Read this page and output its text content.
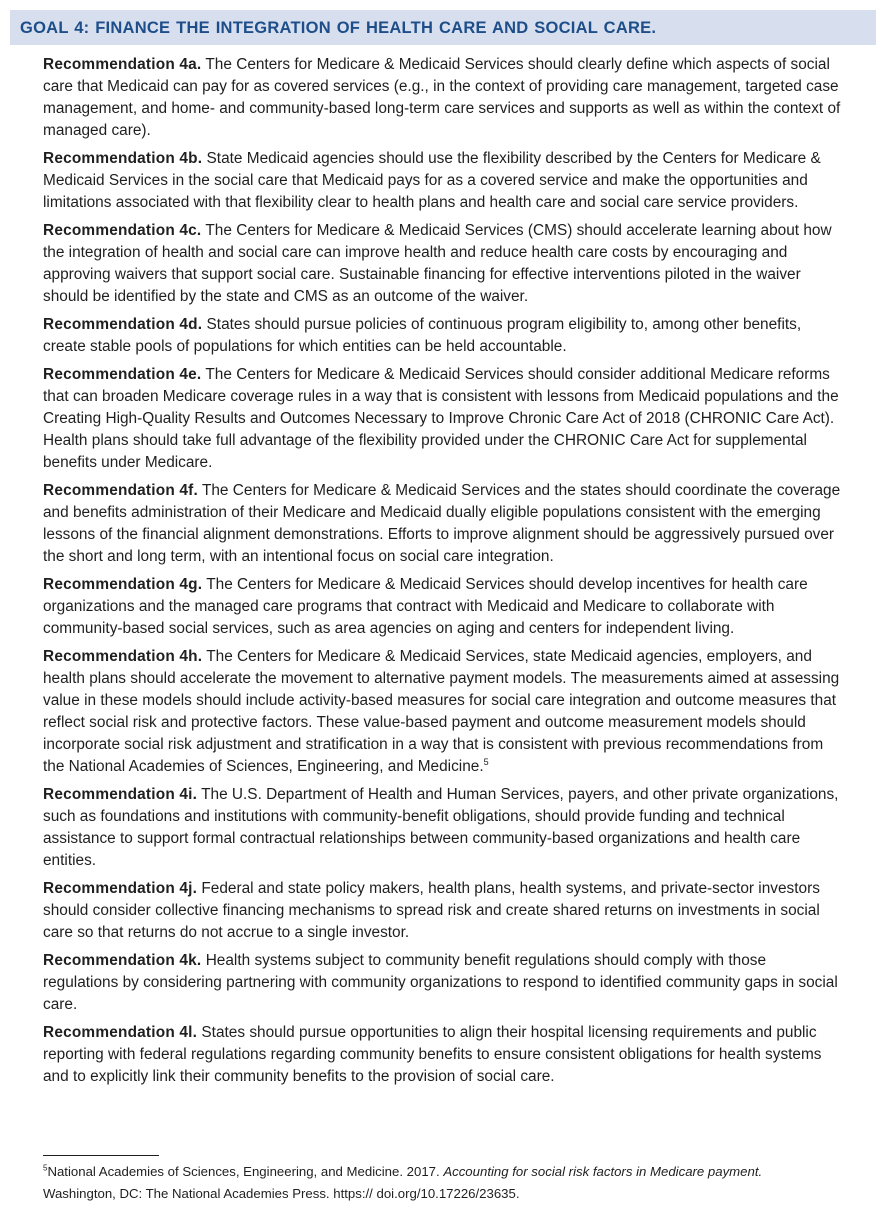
GOAL 4: FINANCE THE INTEGRATION OF HEALTH CARE AND SOCIAL CARE.

Recommendation 4a. The Centers for Medicare & Medicaid Services should clearly define which aspects of social care that Medicaid can pay for as covered services (e.g., in the context of providing care management, targeted case management, and home- and community-based long-term care services and supports as well as within the context of managed care).

Recommendation 4b. State Medicaid agencies should use the flexibility described by the Centers for Medicare & Medicaid Services in the social care that Medicaid pays for as a covered service and make the opportunities and limitations associated with that flexibility clear to health plans and health care and social care service providers.

Recommendation 4c. The Centers for Medicare & Medicaid Services (CMS) should accelerate learning about how the integration of health and social care can improve health and reduce health care costs by encouraging and approving waivers that support social care. Sustainable financing for effective interventions piloted in the waiver should be identified by the state and CMS as an outcome of the waiver.

Recommendation 4d. States should pursue policies of continuous program eligibility to, among other benefits, create stable pools of populations for which entities can be held accountable.

Recommendation 4e. The Centers for Medicare & Medicaid Services should consider additional Medicare reforms that can broaden Medicare coverage rules in a way that is consistent with lessons from Medicaid populations and the Creating High-Quality Results and Outcomes Necessary to Improve Chronic Care Act of 2018 (CHRONIC Care Act). Health plans should take full advantage of the flexibility provided under the CHRONIC Care Act for supplemental benefits under Medicare.

Recommendation 4f. The Centers for Medicare & Medicaid Services and the states should coordinate the coverage and benefits administration of their Medicare and Medicaid dually eligible populations consistent with the emerging lessons of the financial alignment demonstrations. Efforts to improve alignment should be aggressively pursued over the short and long term, with an intentional focus on social care integration.

Recommendation 4g. The Centers for Medicare & Medicaid Services should develop incentives for health care organizations and the managed care programs that contract with Medicaid and Medicare to collaborate with community-based social services, such as area agencies on aging and centers for independent living.

Recommendation 4h. The Centers for Medicare & Medicaid Services, state Medicaid agencies, employers, and health plans should accelerate the movement to alternative payment models. The measurements aimed at assessing value in these models should include activity-based measures for social care integration and outcome measures that reflect social risk and protective factors. These value-based payment and outcome measurement models should incorporate social risk adjustment and stratification in a way that is consistent with previous recommendations from the National Academies of Sciences, Engineering, and Medicine.$^5$

Recommendation 4i. The U.S. Department of Health and Human Services, payers, and other private organizations, such as foundations and institutions with community-benefit obligations, should provide funding and technical assistance to support formal contractual relationships between community-based organizations and health care entities.

Recommendation 4j. Federal and state policy makers, health plans, health systems, and private-sector investors should consider collective financing mechanisms to spread risk and create shared returns on investments in social care so that returns do not accrue to a single investor.

Recommendation 4k. Health systems subject to community benefit regulations should comply with those regulations by considering partnering with community organizations to respond to identified community gaps in social care.

Recommendation 4l. States should pursue opportunities to align their hospital licensing requirements and public reporting with federal regulations regarding community benefits to ensure consistent obligations for health systems and to explicitly link their community benefits to the provision of social care.

$^5$National Academies of Sciences, Engineering, and Medicine. 2017. Accounting for social risk factors in Medicare payment.
Washington, DC: The National Academies Press. https:// doi.org/10.17226/23635.
